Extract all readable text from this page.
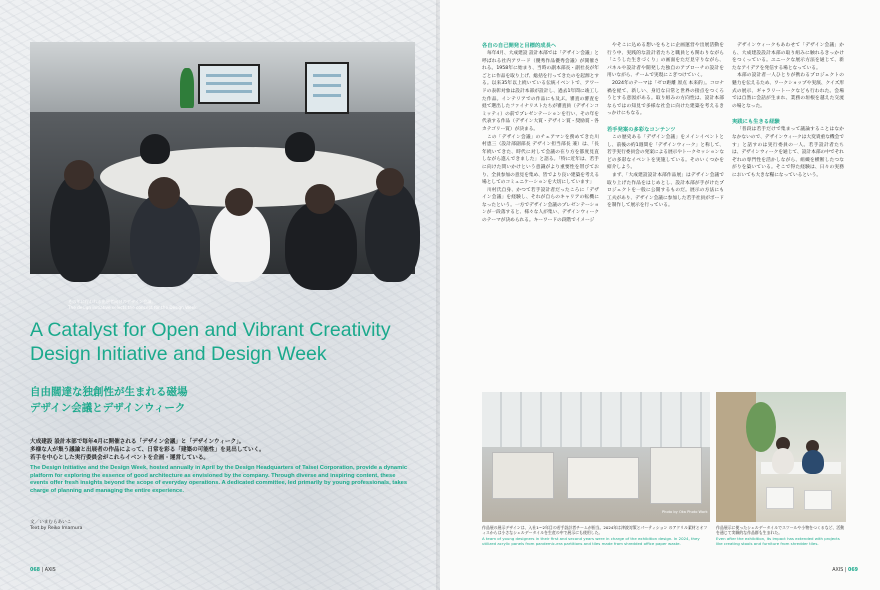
その年に行われる出展者向けのデザイン会議。
The design initiative selects the concept for the Design Week.
A Catalyst for Open and Vibrant Creativity
Design Initiative and Design Week
自由闊達な独創性が生まれる磁場
デザイン会議とデザインウィーク
大成建設 設計本部で毎年4月に開催される「デザイン会議」と「デザインウィーク」。
多様な人が集う議論と出展者の作品によって、日常を彩る「建築の可能性」を見出していく。
若手を中心とした実行委員会がこれらイベントを企画・運営している。
The Design Initiative and the Design Week, hosted annually in April by the Design Headquarters of Taisei Corporation, provide a dynamic platform for exploring the essence of good architecture as envisioned by the company. Through diverse and inspiring content, these events offer fresh insights beyond the scope of everyday operations. A dedicated committee, led primarily by young professionals, takes charge of planning and managing the entire experience.
文／いまむらあいこ
Text by Reiko Imamura
068 | AXIS
各自の自己開発と目標的成長へ

毎年4月、大成建設 設計本部では「デザイン会議」と呼ばれる社内アワード（優秀作品優秀会議）が開催される。1958年に始まり、当時の副本部長・副社長が年ごとに作品を取り上げ、総括を行ってきたのを起源とする。以来35年以上続いている伝統イベントで、アワードの表彰対象は設計本部が設計し、過去1年間に竣工した作品。インテリアでの作品にも及ぶ。審査の審査を経て選出したファイナリストたちが審査員（デザインコミッティ）の前でプレゼンテーションを行い、その年を代表する作品（デザイン大賞・デザイン賞・奨励賞・各カテゴリー賞）が決まる。

この「デザイン会議」のチェアマンを務めてきた川村恵三（設計部副部長 デザイン担当部長 兼）は、「長年続いてきた、時代に対して会議の在り方を都度見直しながら進んできました」と語る。「特に近年は、若手に向けた問いかけという意識がより重要性を帯びており、全員参加の意見を集め、皆でより良い建築を考える場としてのコミュニケーションを大切にしています」

川村氏自身、かつて若手設計者だったころに「デザイン会議」を経験し、それが自らのキャリアの転機になったという。一方でデザイン会議のプレゼンテーションが一段落すると、様々な人が集い、デザインウィークのテーマが決められる。キーワードの段階でイメージ

やそこに込める想いをもとに企画運営や出展活動を行う中、実践的な設計者たちと職員とも関わりながら「こうした生きづくり」の画面をただ見守りながら、パネルや設計者や開発した独自のアプローチの設計を用いながら、チームで実現にこぎつけていく。

2024年のテーマは「ゼロ距離 原点 本来的」。コロナ禍を経て、新しい、身近な日常と世界の接点をつくろうとする意図がある。取り組みの方向性は、設計本部ならではの知見で多様な社会に向けた建築を考えるきっかけにもなる。

若手発案の多彩なコンテンツ

この歴史ある「デザイン会議」をメインイベントとし、前後の約1週間を「デザインウィーク」と称して、若手実行委員会の発案による展示やトークセッションなどの多彩なイベントを実施している。そのいくつかを紹介しよう。

まず、「大成建設設計本部作品展」はデザイン会議で取り上げた作品をはじめとし、設計本部が手がけたプロジェクトを一般に公開するものだ。展示の方法にも工夫があり、デザイン会議に参加した若手社員がボードを制作して展示を行っている。

デザインウィークもあわせて「デザイン会議」から、大成建設設計本部の取り組みに触れるきっかけをつくっている。ユニークな展示方法を通じて、新たなアイデアを発信する場となっている。

本部の設計者一人ひとりが携わるプロジェクトの魅力を伝えるため、ワークショップや実演、クイズ形式の展示、ギャラリートークなども行われた。会場では自然に会話が生まれ、業務の垣根を越えた交流の場となった。

実践にも生きる経験

「普段は若手だけで集まって議論することはなかなかないので、デザインウィークは大変貴重な機会です」と話すのは実行委員の一人。若手設計者たちは、デザインウィークを通じて、設計本部の中でそれぞれの専門性を活かしながら、組織を横断したつながりを築いている。そこで得た経験は、日々の実務においても大きな糧になっているという。

Photo by Oka Photo Work
作品展の展示デザインは、入社1〜2年目の若手設計者チームが担当。2024年は津波対策とパーティション のアクリル素材とオフィスからは小さなシェルデータイルを生産の中で展示にも使用した。
A team of young designers in their first and second years were in charge of the exhibition design. In 2024, they utilized acrylic panels from pandemic-era partitions and tiles made from shredded office paper waste.
作品展示に使ったシェルデータイルでスツールや小物をつくるなど、活動を通じて実験的な作品群も生まれた。
Even after the exhibition, its impact has extended with projects like creating stools and furniture from shredder tiles.
AXIS | 069
